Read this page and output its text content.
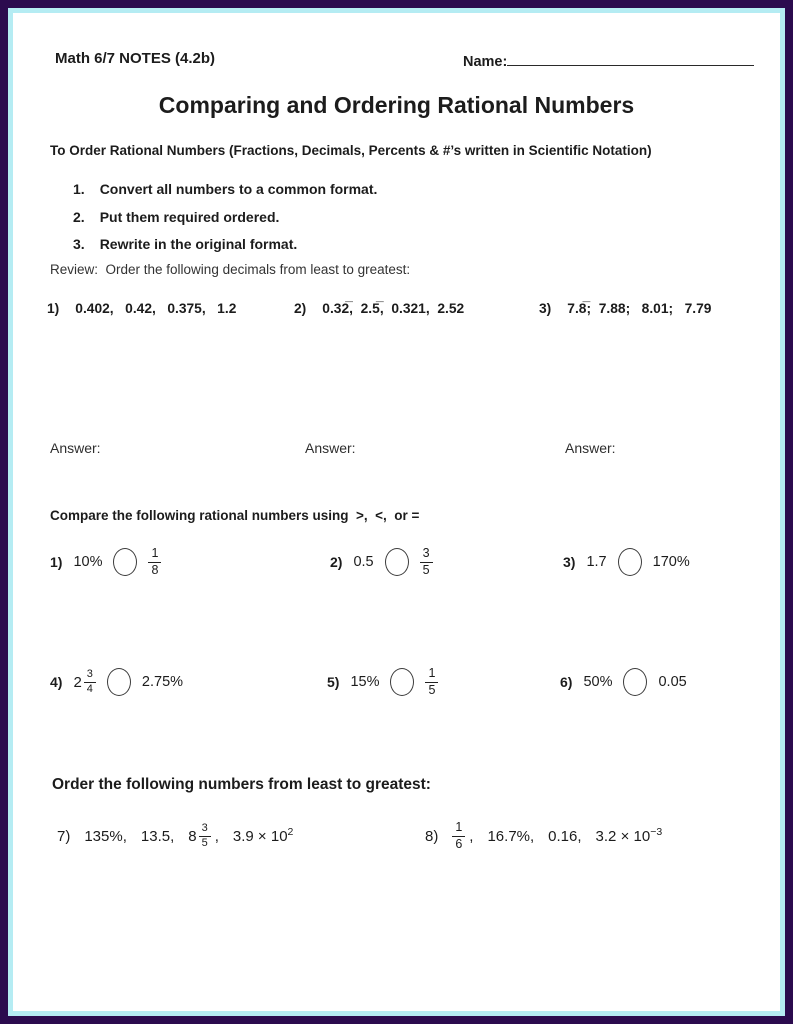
Math 6/7 NOTES (4.2b)	Name:
Comparing and Ordering Rational Numbers
To Order Rational Numbers (Fractions, Decimals, Percents & #’s written in Scientific Notation)
1. Convert all numbers to a common format.
2. Put them required ordered.
3. Rewrite in the original format.
Review:  Order the following decimals from least to greatest:
1) 0.402,   0.42,   0.375,   1.2	2) 0.32̅,  2.5̅,  0.321,  2.52	3) 7.8̅;  7.88;   8.01;   7.79
Answer:	Answer:	Answer:
Compare the following rational numbers using  >,  <,  or =
1) 10%	$\frac{1}{8}$	2) 0.5	$\frac{3}{5}$	3) 1.7	170%
4) $2 \frac{3}{4}$	2.75%	5) 15%	$\frac{1}{5}$	6) 50%	0.05
Order the following numbers from least to greatest:
7) 135%, 13.5, $8 \frac{3}{5}$ , $3.9 \times 10^2$	$8) \frac{1}{6}$ , 16.7%, 0.16, $3.2 \times 10^{-3}$
